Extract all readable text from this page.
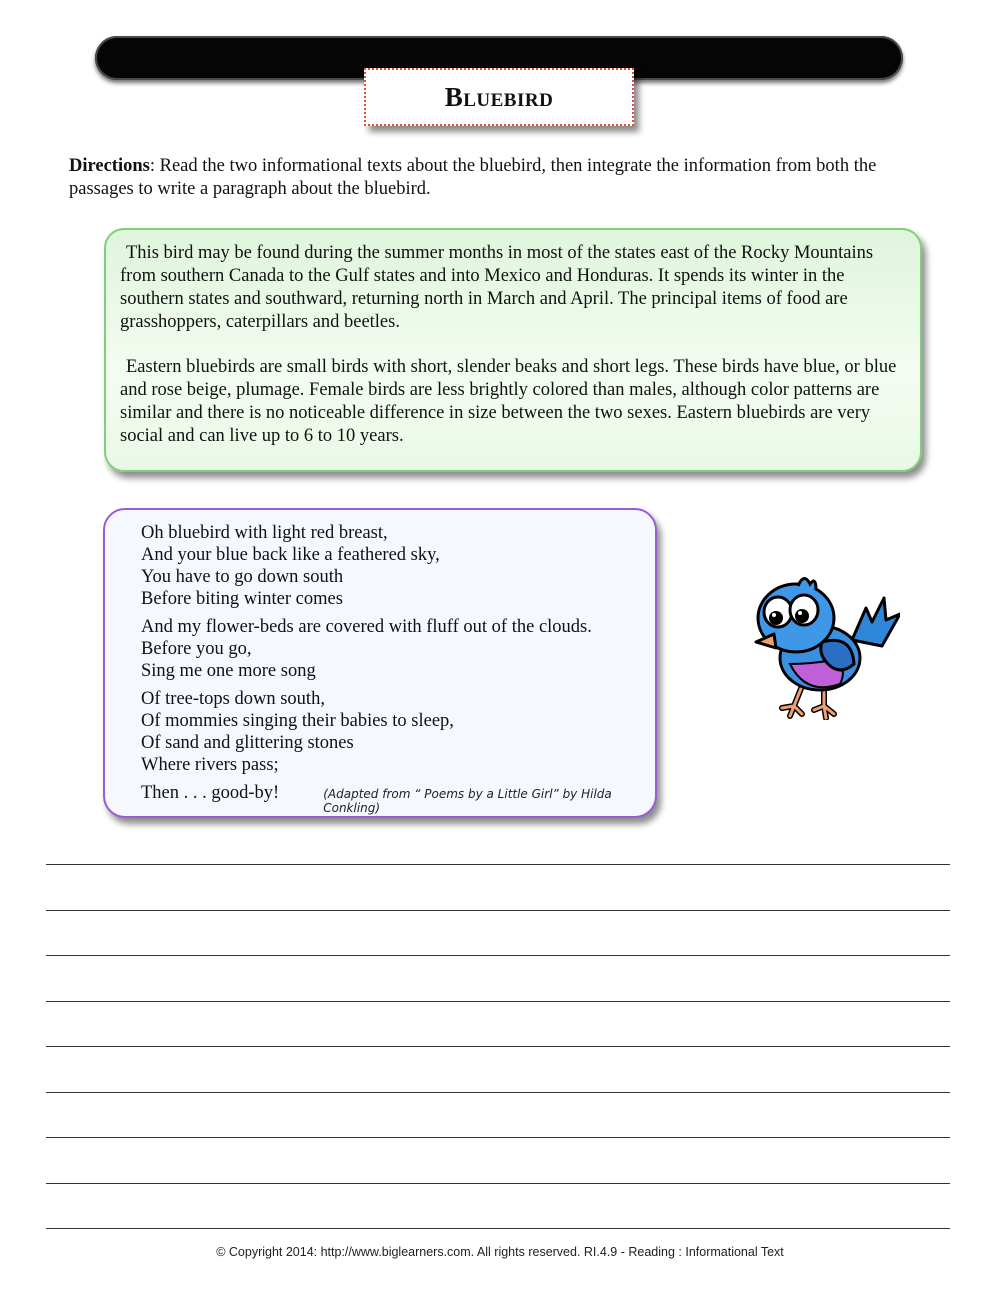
Bluebird
Directions: Read the two informational texts about the bluebird, then integrate the information from both the passages to write a paragraph about the bluebird.

This bird may be found during the summer months in most of the states east of the Rocky Mountains from southern Canada to the Gulf states and into Mexico and Honduras. It spends its winter in the southern states and southward, returning north in March and April. The principal items of food are grasshoppers, caterpillars and beetles.

Eastern bluebirds are small birds with short, slender beaks and short legs. These birds have blue, or blue and rose beige, plumage. Female birds are less brightly colored than males, although color patterns are similar and there is no noticeable difference in size between the two sexes. Eastern bluebirds are very social and can live up to 6 to 10 years.

Oh bluebird with light red breast,
And your blue back like a feathered sky,
You have to go down south
Before biting winter comes
And my flower-beds are covered with fluff out of the clouds.
Before you go,
Sing me one more song
Of tree-tops down south,
Of mommies singing their babies to sleep,
Of sand and glittering stones
Where rivers pass;
Then . . . good-by!	(Adapted from “ Poems by a Little Girl” by Hilda Conkling)
© Copyright 2014: http://www.biglearners.com. All rights reserved. RI.4.9 - Reading : Informational Text
